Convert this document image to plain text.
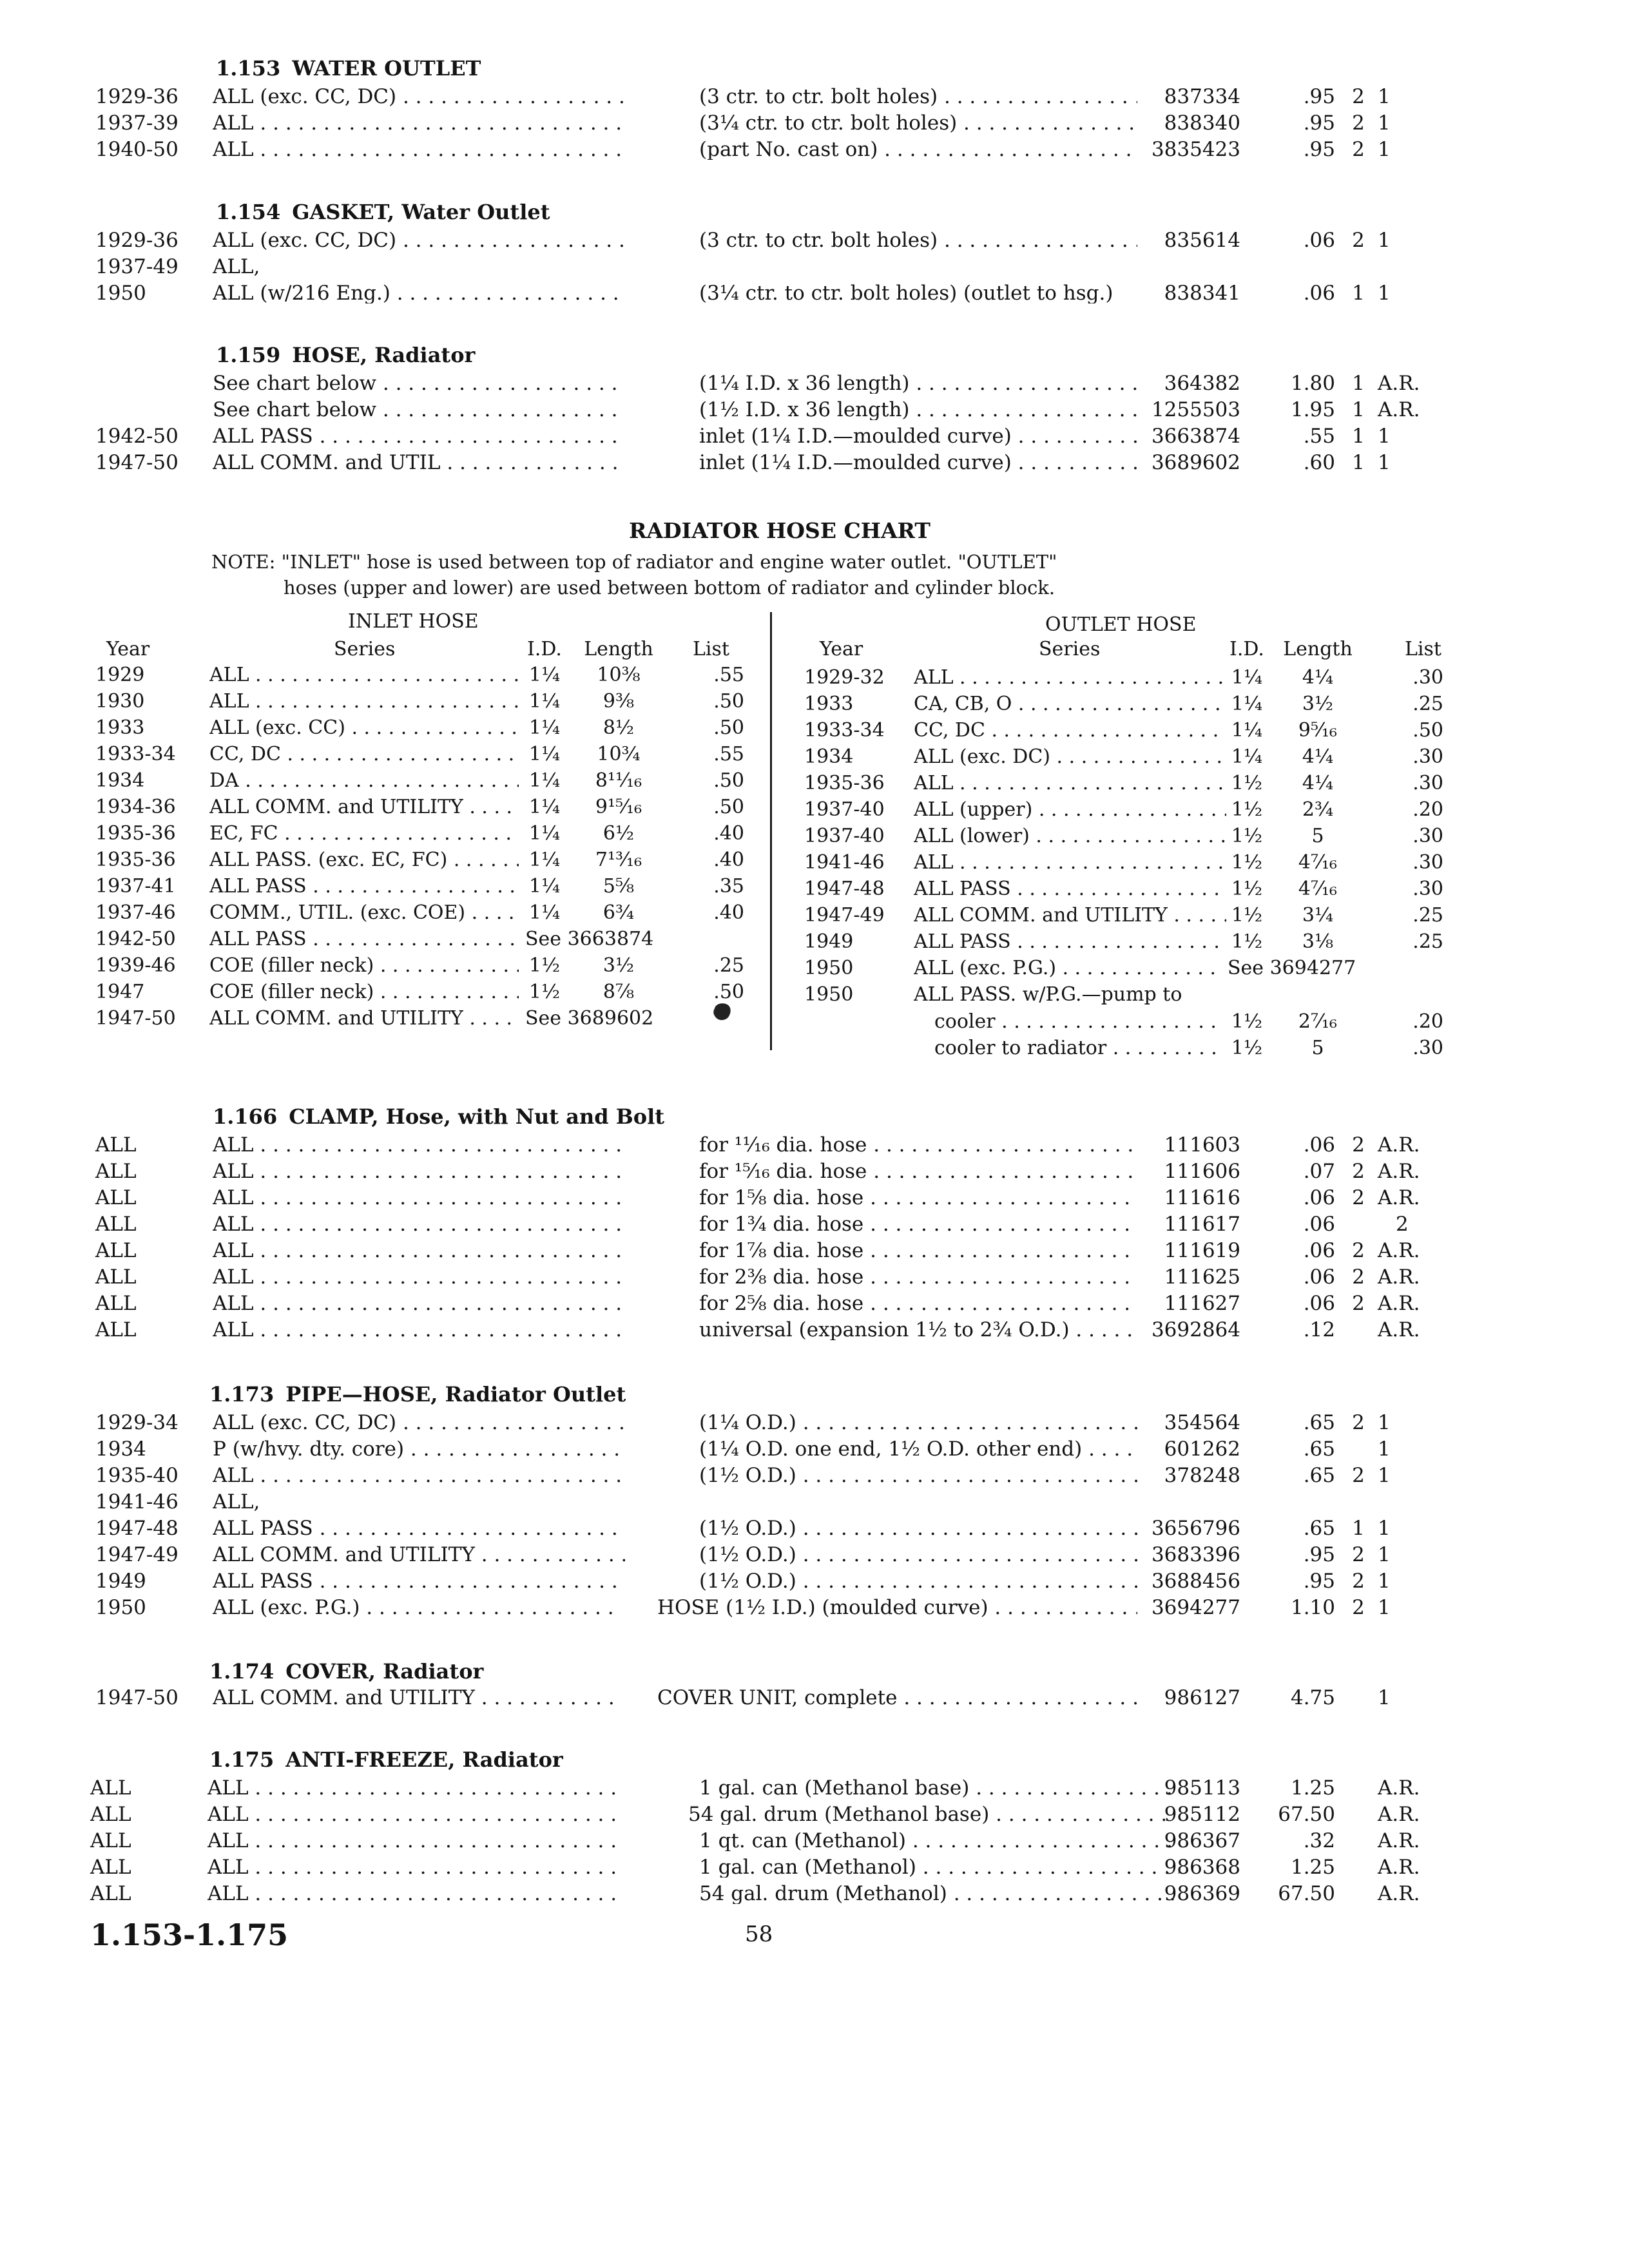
1.153 WATER OUTLET
1929-36 ALL (exc. CC, DC) . . .	(3 ctr. to ctr. bolt holes) . . .	837334	.95 2 1
1937-39 ALL . . .	(3¼ ctr. to ctr. bolt holes) . . .	838340	.95 2 1
1940-50 ALL . . .	(part No. cast on) . . .	3835423	.95 2 1
1.154 GASKET, Water Outlet
1929-36 ALL (exc. CC, DC) . . .	(3 ctr. to ctr. bolt holes) . . .	835614	.06 2 1
1937-49 ALL,
1950	ALL (w/216 Eng.) . . .	(3¼ ctr. to ctr. bolt holes) (outlet to hsg.)	838341	.06 1 1
1.159 HOSE, Radiator
See chart below . . .	(1¼ I.D. x 36 length) . . .	364382	1.80 1 A.R.
See chart below . . .	(1½ I.D. x 36 length) . . .	1255503	1.95 1 A.R.
1942-50 ALL PASS . . .	inlet (1¼ I.D.—moulded curve) . . .	3663874	.55 1 1
1947-50 ALL COMM. and UTIL . . .	inlet (1¼ I.D.—moulded curve) . . .	3689602	.60 1 1
RADIATOR HOSE CHART
NOTE: "INLET" hose is used between top of radiator and engine water outlet. "OUTLET"
hoses (upper and lower) are used between bottom of radiator and cylinder block.
INLET HOSE	OUTLET HOSE
Year	Series	I.D. Length List	Year	Series	I.D. Length	List
1929	ALL . . .	1¼	10⅜	.55
1930	ALL . . .	1¼	9⅜	.50
1933	ALL (exc. CC) . . .	1¼	8½	.50
1933-34 CC, DC . . .	1¼	10¾	.55
1934	DA . . .	1¼	8¹¹⁄₁₆	.50
1934-36 ALL COMM. and UTILITY . . .	1¼	9¹⁵⁄₁₆	.50
1935-36 EC, FC . . .	1¼	6½	.40
1935-36 ALL PASS. (exc. EC, FC) . . .	1¼	7¹³⁄₁₆	.40
1937-41 ALL PASS . . .	1¼	5⅝	.35
1937-46 COMM., UTIL. (exc. COE) . . .	1¼	6¾	.40
1942-50 ALL PASS . . .	See 3663874
1939-46 COE (filler neck) . . .	1½	3½	.25
1947	COE (filler neck) . . .	1½	8⅞	.50
1947-50 ALL COMM. and UTILITY . . .	See 3689602
1929-32 ALL . . .	1¼	4¼	.30
1933	CA, CB, O . . .	1¼	3½	.25
1933-34 CC, DC . . .	1¼	9⁵⁄₁₆	.50
1934	ALL (exc. DC) . . .	1¼	4¼	.30
1935-36 ALL . . .	1½	4¼	.30
1937-40 ALL (upper) . . .	1½	2¾	.20
1937-40 ALL (lower) . . .	1½	5	.30
1941-46 ALL . . .	1½	4⁷⁄₁₆	.30
1947-48 ALL PASS . . .	1½	4⁷⁄₁₆	.30
1947-49 ALL COMM. and UTILITY . . .	1½	3¼	.25
1949	ALL PASS . . .	1½	3⅛	.25
1950	ALL (exc. P.G.) . . .	See 3694277
1950	ALL PASS. w/P.G.—pump to
cooler . . .	1½	2⁷⁄₁₆	.20
cooler to radiator . . .	1½	5	.30
1.166 CLAMP, Hose, with Nut and Bolt
ALL	ALL . . .	for ¹¹⁄₁₆ dia. hose . . .	111603	.06 2 A.R.
ALL	ALL . . .	for ¹⁵⁄₁₆ dia. hose . . .	111606	.07 2 A.R.
ALL	ALL . . .	for 1⅝ dia. hose . . .	111616	.06 2 A.R.
ALL	ALL . . .	for 1¾ dia. hose . . .	111617	.06	2
ALL	ALL . . .	for 1⅞ dia. hose . . .	111619	.06 2 A.R.
ALL	ALL . . .	for 2⅜ dia. hose . . .	111625	.06 2 A.R.
ALL	ALL . . .	for 2⅝ dia. hose . . .	111627	.06 2 A.R.
ALL	ALL . . .	universal (expansion 1½ to 2¾ O.D.) . . .	3692864	.12	A.R.
1.173 PIPE—HOSE, Radiator Outlet
1929-34 ALL (exc. CC, DC) . . .	(1¼ O.D.) . . .	354564	.65 2 1
1934	P (w/hvy. dty. core) . . .	(1¼ O.D. one end, 1½ O.D. other end) . . .	601262	.65	1
1935-40 ALL . . .	(1½ O.D.) . . .	378248	.65 2 1
1941-46 ALL,
1947-48 ALL PASS . . .	(1½ O.D.) . . .	3656796	.65 1 1
1947-49 ALL COMM. and UTILITY . . .	(1½ O.D.) . . .	3683396	.95 2 1
1949	ALL PASS . . .	(1½ O.D.) . . .	3688456	.95 2 1
1950	ALL (exc. P.G.) . . .	HOSE (1½ I.D.) (moulded curve) . . .	3694277	1.10 2 1
1.174 COVER, Radiator
1947-50 ALL COMM. and UTILITY . . .	COVER UNIT, complete . . .	986127	4.75	1
1.175 ANTI-FREEZE, Radiator
ALL	ALL . . .	1 gal. can (Methanol base) . . .	985113	1.25	A.R.
ALL	ALL . . .	54 gal. drum (Methanol base) . . .	985112	67.50	A.R.
ALL	ALL . . .	1 qt. can (Methanol) . . .	986367	.32	A.R.
ALL	ALL . . .	1 gal. can (Methanol) . . .	986368	1.25	A.R.
ALL	ALL . . .	54 gal. drum (Methanol) . . .	986369	67.50	A.R.
1.153-1.175	58
